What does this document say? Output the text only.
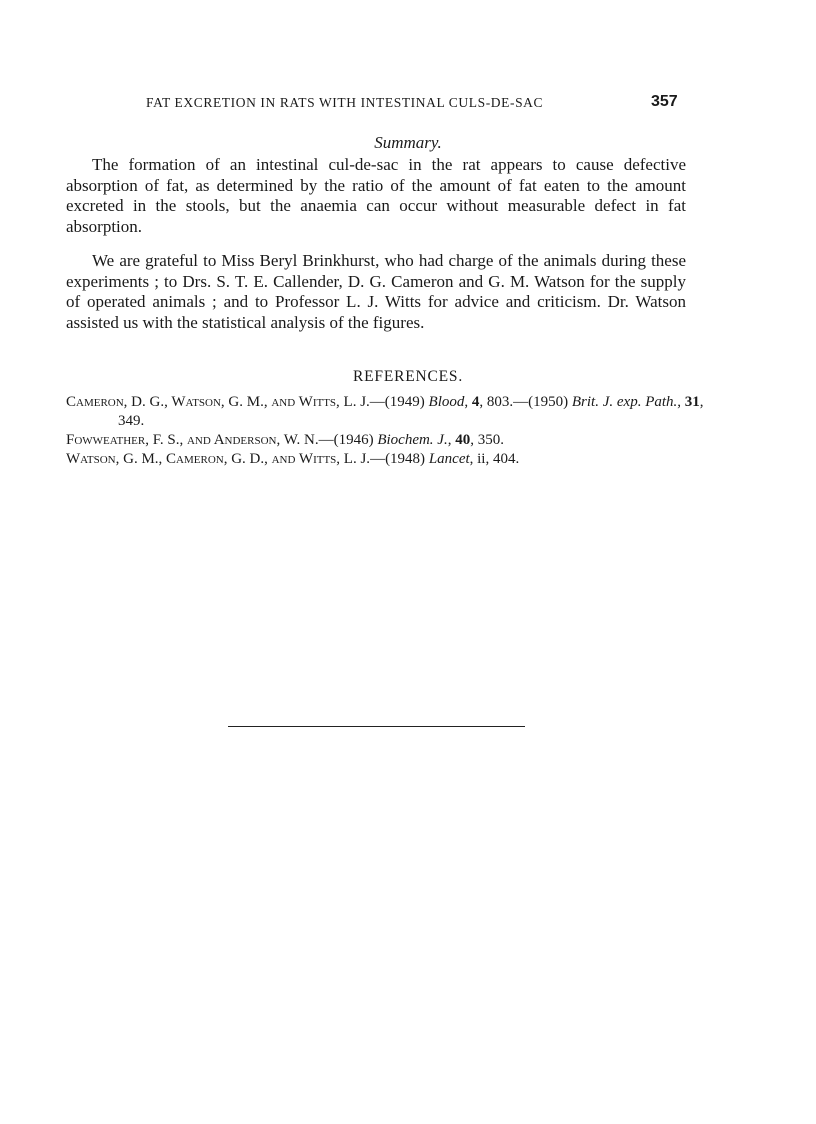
FAT EXCRETION IN RATS WITH INTESTINAL CULS-DE-SAC	357
Summary.

The formation of an intestinal cul-de-sac in the rat appears to cause defective absorption of fat, as determined by the ratio of the amount of fat eaten to the amount excreted in the stools, but the anaemia can occur without measurable defect in fat absorption.

We are grateful to Miss Beryl Brinkhurst, who had charge of the animals during these experiments ; to Drs. S. T. E. Callender, D. G. Cameron and G. M. Watson for the supply of operated animals ; and to Professor L. J. Witts for advice and criticism. Dr. Watson assisted us with the statistical analysis of the figures.

REFERENCES.
Cameron, D. G., Watson, G. M., and Witts, L. J.—(1949) Blood, 4, 803.—(1950) Brit. J. exp. Path., 31, 349.
Fowweather, F. S., and Anderson, W. N.—(1946) Biochem. J., 40, 350.
Watson, G. M., Cameron, G. D., and Witts, L. J.—(1948) Lancet, ii, 404.
